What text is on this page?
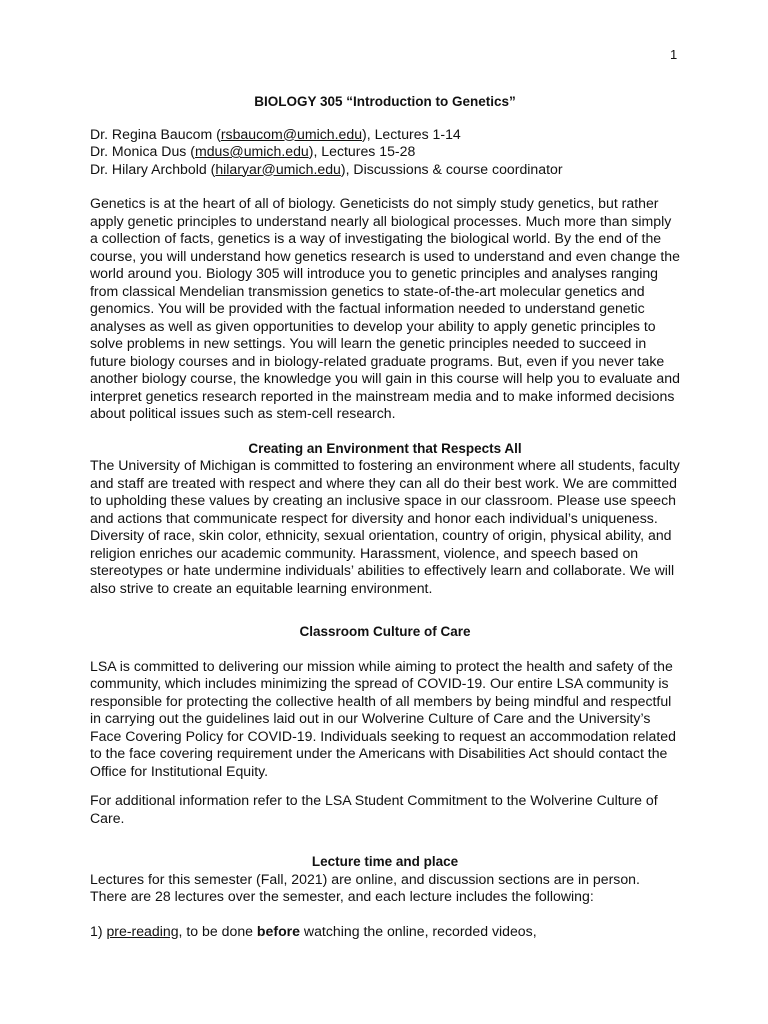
1

BIOLOGY 305 “Introduction to Genetics”

Dr. Regina Baucom (rsbaucom@umich.edu), Lectures 1-14

Dr. Monica Dus (mdus@umich.edu), Lectures 15-28

Dr. Hilary Archbold (hilaryar@umich.edu), Discussions & course coordinator

Genetics is at the heart of all of biology. Geneticists do not simply study genetics, but rather apply genetic principles to understand nearly all biological processes. Much more than simply a collection of facts, genetics is a way of investigating the biological world. By the end of the course, you will understand how genetics research is used to understand and even change the world around you. Biology 305 will introduce you to genetic principles and analyses ranging from classical Mendelian transmission genetics to state-of-the-art molecular genetics and genomics. You will be provided with the factual information needed to understand genetic analyses as well as given opportunities to develop your ability to apply genetic principles to solve problems in new settings. You will learn the genetic principles needed to succeed in future biology courses and in biology-related graduate programs. But, even if you never take another biology course, the knowledge you will gain in this course will help you to evaluate and interpret genetics research reported in the mainstream media and to make informed decisions about political issues such as stem-cell research.

Creating an Environment that Respects All

The University of Michigan is committed to fostering an environment where all students, faculty and staff are treated with respect and where they can all do their best work. We are committed to upholding these values by creating an inclusive space in our classroom. Please use speech and actions that communicate respect for diversity and honor each individual’s uniqueness. Diversity of race, skin color, ethnicity, sexual orientation, country of origin, physical ability, and religion enriches our academic community. Harassment, violence, and speech based on stereotypes or hate undermine individuals’ abilities to effectively learn and collaborate. We will also strive to create an equitable learning environment.

Classroom Culture of Care

LSA is committed to delivering our mission while aiming to protect the health and safety of the community, which includes minimizing the spread of COVID-19. Our entire LSA community is responsible for protecting the collective health of all members by being mindful and respectful in carrying out the guidelines laid out in our Wolverine Culture of Care and the University’s Face Covering Policy for COVID-19. Individuals seeking to request an accommodation related to the face covering requirement under the Americans with Disabilities Act should contact the Office for Institutional Equity.

For additional information refer to the LSA Student Commitment to the Wolverine Culture of Care.

Lecture time and place

Lectures for this semester (Fall, 2021) are online, and discussion sections are in person. There are 28 lectures over the semester, and each lecture includes the following:

1) pre-reading, to be done before watching the online, recorded videos,
